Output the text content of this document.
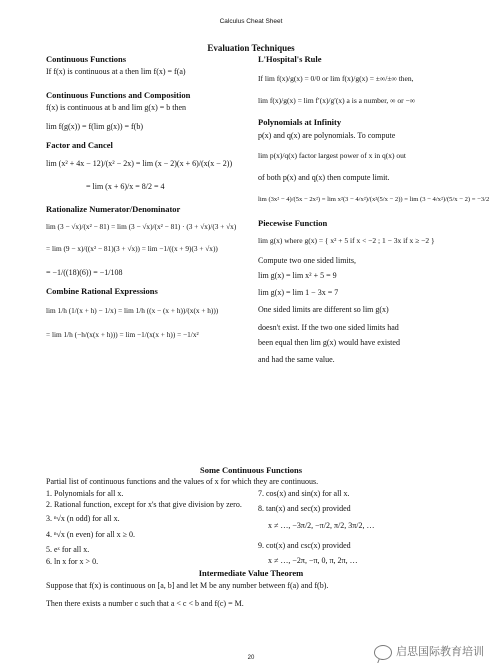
Calculus Cheat Sheet
Evaluation Techniques
Continuous Functions
If f(x) is continuous at a then lim f(x) = f(a)
Continuous Functions and Composition
f(x) is continuous at b and lim g(x) = b then
lim f(g(x)) = f(lim g(x)) = f(b)
Factor and Cancel
lim (x² + 4x − 12)/(x² − 2x) = lim (x − 2)(x + 6)/(x(x − 2))
= lim (x + 6)/x = 8/2 = 4
Rationalize Numerator/Denominator
lim (3 − √x)/(x² − 81) = lim (3 − √x)/(x² − 81) · (3 + √x)/(3 + √x)
= lim (9 − x)/((x² − 81)(3 + √x)) = lim −1/((x + 9)(3 + √x))
= −1/((18)(6)) = −1/108
Combine Rational Expressions
lim 1/h (1/(x + h) − 1/x) = lim 1/h ((x − (x + h))/(x(x + h)))
= lim 1/h (−h/(x(x + h))) = lim −1/(x(x + h)) = −1/x²
L'Hospital's Rule
If lim f(x)/g(x) = 0/0 or lim f(x)/g(x) = ±∞/±∞ then,
lim f(x)/g(x) = lim f′(x)/g′(x) a is a number, ∞ or −∞
Polynomials at Infinity
p(x) and q(x) are polynomials. To compute
lim p(x)/q(x) factor largest power of x in q(x) out
of both p(x) and q(x) then compute limit.
lim (3x² − 4)/(5x − 2x²) = lim x²(3 − 4/x²)/(x²(5/x − 2)) = lim (3 − 4/x²)/(5/x − 2) = −3/2
Piecewise Function
lim g(x) where g(x) = { x² + 5 if x < −2 ; 1 − 3x if x ≥ −2 }
Compute two one sided limits,
lim g(x) = lim x² + 5 = 9
lim g(x) = lim 1 − 3x = 7
One sided limits are different so lim g(x)
doesn't exist. If the two one sided limits had
been equal then lim g(x) would have existed
and had the same value.
Some Continuous Functions
Partial list of continuous functions and the values of x for which they are continuous.
1. Polynomials for all x.
2. Rational function, except for x's that give division by zero.
3. ⁿ√x (n odd) for all x.
4. ⁿ√x (n even) for all x ≥ 0.
5. eˣ for all x.
6. ln x for x > 0.
7. cos(x) and sin(x) for all x.
8. tan(x) and sec(x) provided
x ≠ …, −3π/2, −π/2, π/2, 3π/2, …
9. cot(x) and csc(x) provided
x ≠ …, −2π, −π, 0, π, 2π, …
Intermediate Value Theorem
Suppose that f(x) is continuous on [a, b] and let M be any number between f(a) and f(b).
Then there exists a number c such that a < c < b and f(c) = M.
20	启思国际教育培训
